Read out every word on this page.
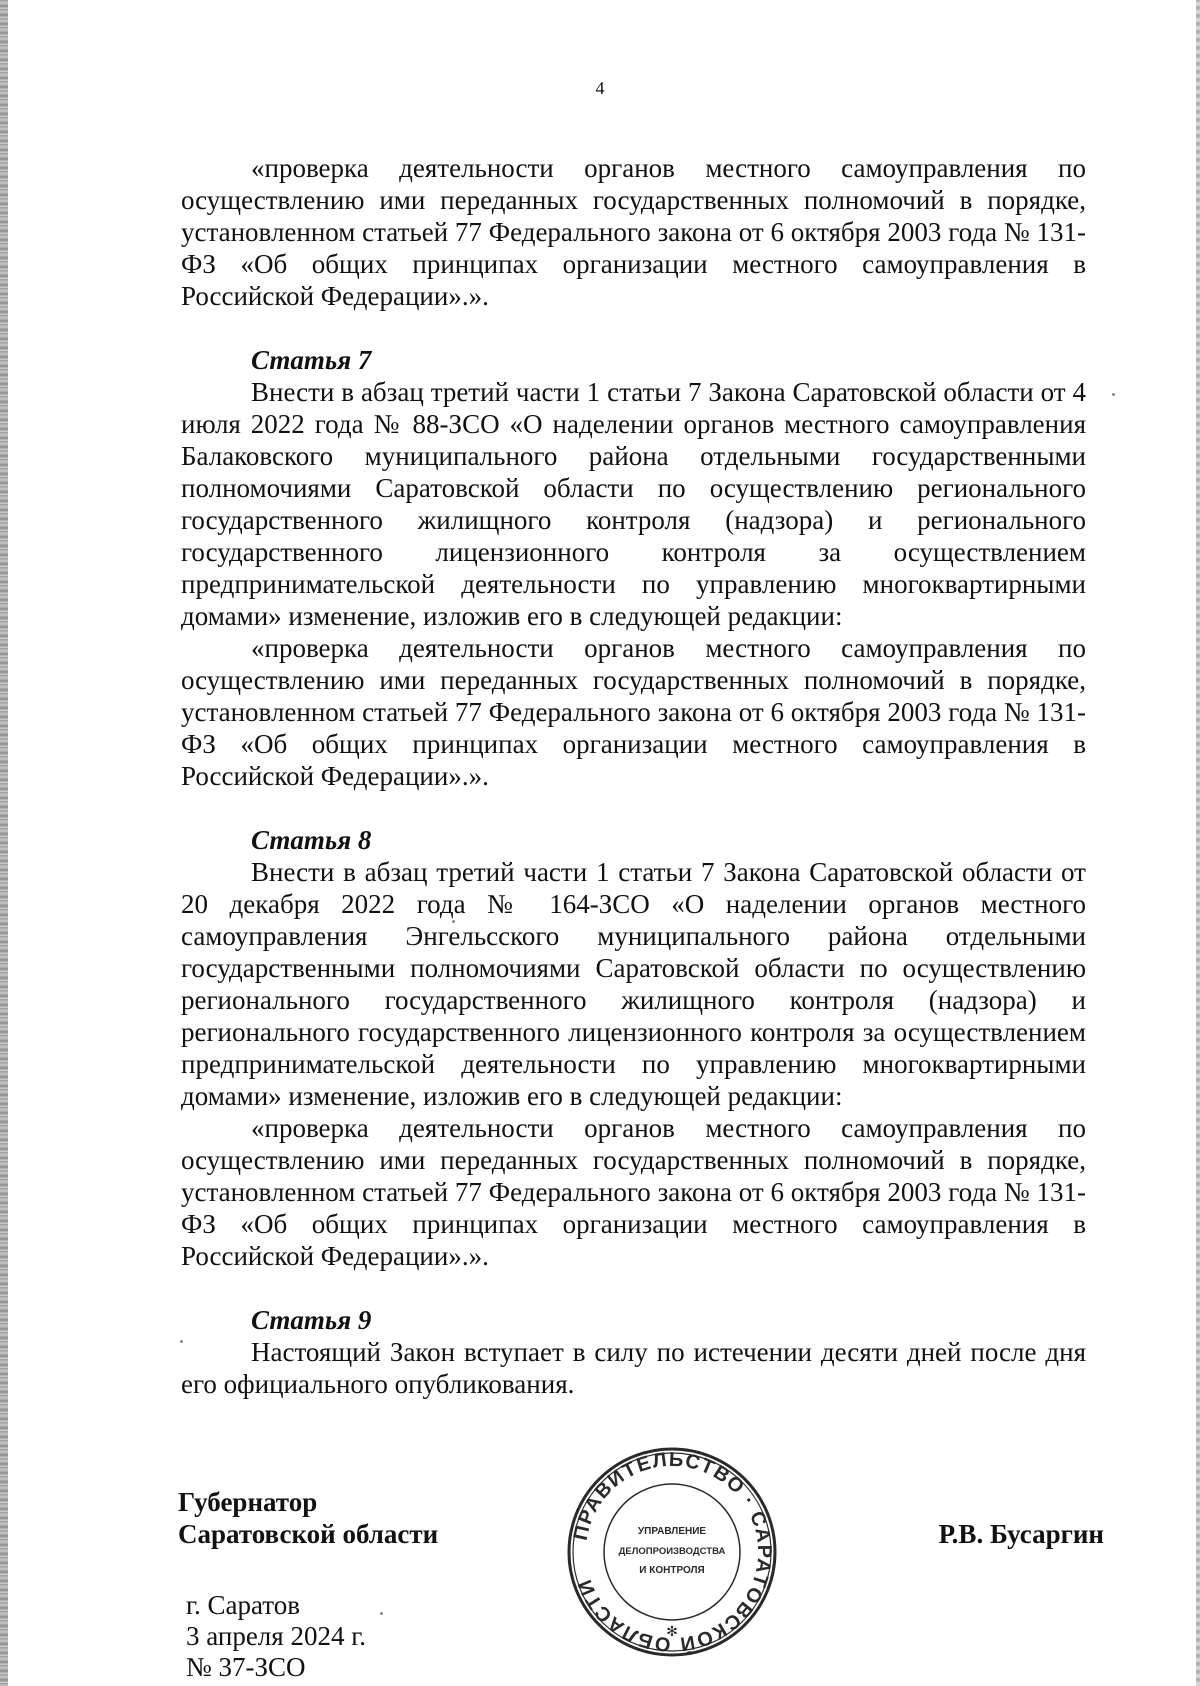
4

«проверка деятельности органов местного самоуправления по осуществлению ими переданных государственных полномочий в порядке, установленном статьей 77 Федерального закона от 6 октября 2003 года № 131-ФЗ «Об общих принципах организации местного самоуправления в Российской Федерации».».

Статья 7

Внести в абзац третий части 1 статьи 7 Закона Саратовской области от 4 июля 2022 года № 88-ЗСО «О наделении органов местного самоуправления Балаковского муниципального района отдельными государственными полномочиями Саратовской области по осуществлению регионального государственного жилищного контроля (надзора) и регионального государственного лицензионного контроля за осуществлением предпринимательской деятельности по управлению многоквартирными домами» изменение, изложив его в следующей редакции:

«проверка деятельности органов местного самоуправления по осуществлению ими переданных государственных полномочий в порядке, установленном статьей 77 Федерального закона от 6 октября 2003 года № 131-ФЗ «Об общих принципах организации местного самоуправления в Российской Федерации».».

Статья 8

Внести в абзац третий части 1 статьи 7 Закона Саратовской области от 20 декабря 2022 года № 164-ЗСО «О наделении органов местного самоуправления Энгельсского муниципального района отдельными государственными полномочиями Саратовской области по осуществлению регионального государственного жилищного контроля (надзора) и регионального государственного лицензионного контроля за осуществлением предпринимательской деятельности по управлению многоквартирными домами» изменение, изложив его в следующей редакции:

«проверка деятельности органов местного самоуправления по осуществлению ими переданных государственных полномочий в порядке, установленном статьей 77 Федерального закона от 6 октября 2003 года № 131-ФЗ «Об общих принципах организации местного самоуправления в Российской Федерации».».

Статья 9

Настоящий Закон вступает в силу по истечении десяти дней после дня его официального опубликования.

Губернатор
Саратовской области	Р.В. Бусаргин
ПРАВИТЕЛЬСТВО · САРАТОВСКОЙ ОБЛАСТИ
УПРАВЛЕНИЕ
ДЕЛОПРОИЗВОДСТВА
И КОНТРОЛЯ
✻
г. Саратов
3 апреля 2024 г.
№ 37-ЗСО
